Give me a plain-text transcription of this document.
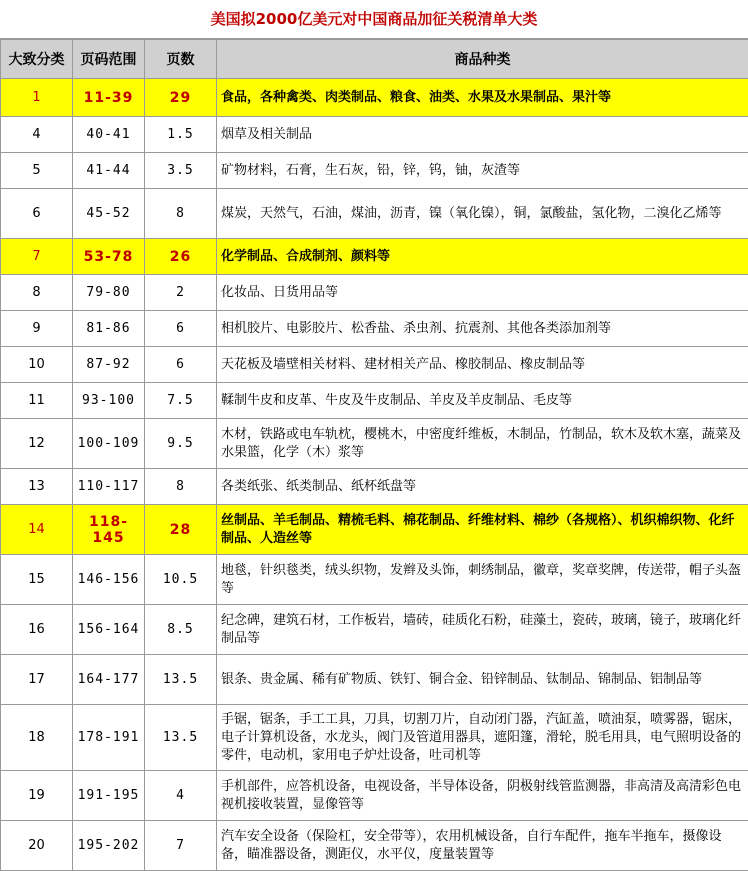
美国拟2000亿美元对中国商品加征关税清单大类
大致分类	页码范围	页数	商品种类
1	11-39	29	食品，各种禽类、肉类制品、粮食、油类、水果及水果制品、果汁等
4	40-41	1.5	烟草及相关制品
5	41-44	3.5	矿物材料，石膏，生石灰，铅，锌，钨，铀，灰渣等
6	45-52	8	煤炭，天然气，石油，煤油，沥青，镍（氧化镍），铜，氯酸盐，氢化物，二溴化乙烯等
7	53-78	26	化学制品、合成制剂、颜料等
8	79-80	2	化妆品、日货用品等
9	81-86	6	相机胶片、电影胶片、松香盐、杀虫剂、抗震剂、其他各类添加剂等
10	87-92	6	天花板及墙壁相关材料、建材相关产品、橡胶制品、橡皮制品等
11	93-100	7.5	鞣制牛皮和皮革、牛皮及牛皮制品、羊皮及羊皮制品、毛皮等
12	100-109	9.5	木材，铁路或电车轨枕，樱桃木，中密度纤维板，木制品，竹制品，软木及软木塞，蔬菜及水果篮，化学（木）浆等
13	110-117	8	各类纸张、纸类制品、纸杯纸盘等
14	118-145	28	丝制品、羊毛制品、精梳毛料、棉花制品、纤维材料、棉纱（各规格）、机织棉织物、化纤制品、人造丝等
15	146-156	10.5	地毯，针织毯类，绒头织物，发辫及头饰，刺绣制品，徽章，奖章奖牌，传送带，帽子头盔等
16	156-164	8.5	纪念碑，建筑石材，工作板岩，墙砖，硅质化石粉，硅藻土，瓷砖，玻璃，镜子，玻璃化纤制品等
17	164-177	13.5	银条、贵金属、稀有矿物质、铁钉、铜合金、铅锌制品、钛制品、锦制品、铝制品等
18	178-191	13.5	手锯，锯条，手工工具，刀具，切割刀片，自动闭门器，汽缸盖，喷油泵，喷雾器，锯床，电子计算机设备，水龙头，阀门及管道用器具，遮阳篷，滑轮，脱毛用具，电气照明设备的零件，电动机，家用电子炉灶设备，吐司机等
19	191-195	4	手机部件，应答机设备，电视设备，半导体设备，阴极射线管监测器，非高清及高清彩色电视机接收装置，显像管等
20	195-202	7	汽车安全设备（保险杠，安全带等），农用机械设备，自行车配件，拖车半拖车，摄像设备，瞄准器设备，测距仪，水平仪，度量装置等
